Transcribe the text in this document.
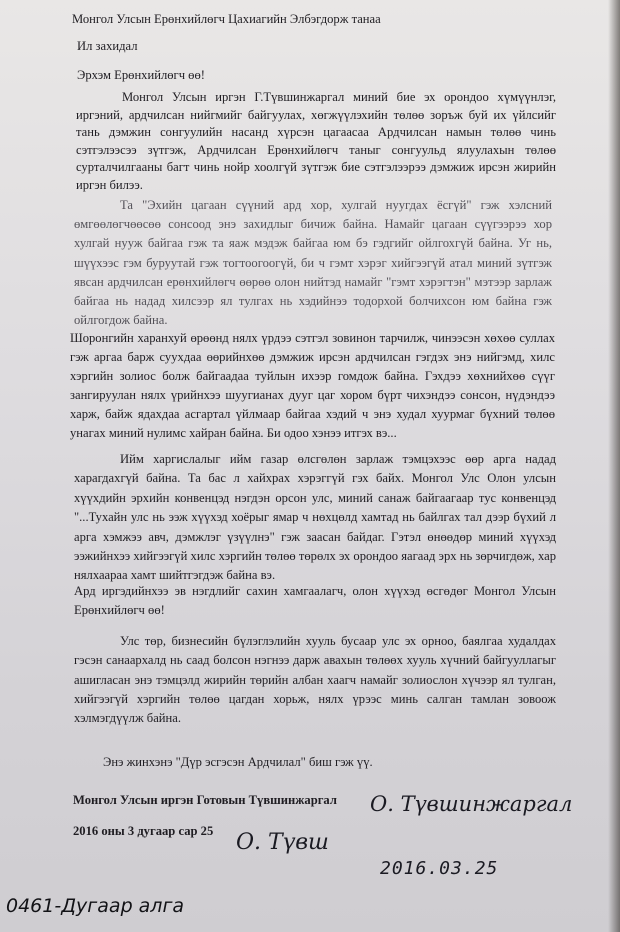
Монгол Улсын Ерөнхийлөгч Цахиагийн Элбэгдорж танаа

Ил захидал

Эрхэм Ерөнхийлөгч өө!

Монгол Улсын иргэн Г.Түвшинжаргал миний бие эх орондоо хүмүүнлэг, иргэний, ардчилсан нийгмийг байгуулах, хөгжүүлэхийн төлөө зоръж буй их үйлсийг тань дэмжин сонгуулийн насанд хүрсэн цагаасаа Ардчилсан намын төлөө чинь сэтгэлээсээ зүтгэж, Ардчилсан Ерөнхийлөгч таныг сонгуульд ялуулахын төлөө сурталчилгааны багт чинь нойр хоолгүй зүтгэж бие сэтгэлээрээ дэмжиж ирсэн жирийн иргэн билээ.

Та "Эхийн цагаан сүүний ард хор, хулгай нуугдах ёсгүй" гэж хэлсний өмгөөлөгчөөсөө сонсоод энэ захидлыг бичиж байна. Намайг цагаан сүүгээрээ хор хулгай нууж байгаа гэж та яаж мэдэж байгаа юм бэ гэдгийг ойлгохгүй байна. Уг нь, шүүхээс гэм буруутай гэж тогтоогоогүй, би ч гэмт хэрэг хийгээгүй атал миний зүтгэж явсан ардчилсан ерөнхийлөгч өөрөө олон нийтэд намайг "гэмт хэрэгтэн" мэтээр зарлаж байгаа нь надад хилсээр ял тулгах нь хэдийнээ тодорхой болчихсон юм байна гэж ойлгогдож байна.

Шоронгийн харанхуй өрөөнд нялх үрдээ сэтгэл зовинон тарчилж, чинээсэн хөхөө суллах гэж аргаа барж суухдаа өөрийнхөө дэмжиж ирсэн ардчилсан гэгдэх энэ нийгэмд, хилс хэргийн золиос болж байгаадаа туйлын ихээр гомдож байна. Гэхдээ хөхнийхөө сүүг зангируулан нялх үрийнхээ шуугианах дууг цаг хором бүрт чихэндээ сонсон, нүдэндээ харж, байж ядахдаа асгартал үйлмаар байгаа хэдий ч энэ худал хуурмаг бүхний төлөө унагах миний нулимс хайран байна. Би одоо хэнээ итгэх вэ...

Ийм харгислалыг ийм газар өлсгөлөн зарлаж тэмцэхээс өөр арга надад харагдахгүй байна. Та бас л хайхрах хэрэггүй гэх байх. Монгол Улс Олон улсын хүүхдийн эрхийн конвенцэд нэгдэн орсон улс, миний санаж байгаагаар тус конвенцэд "...Тухайн улс нь ээж хүүхэд хоёрыг ямар ч нөхцөлд хамтад нь байлгах тал дээр бүхий л арга хэмжээ авч, дэмжлэг үзүүлнэ" гэж заасан байдаг. Гэтэл өнөөдөр миний хүүхэд ээжийнхээ хийгээгүй хилс хэргийн төлөө төрөлх эх орондоо яагаад эрх нь зөрчигдөж, хар нялхаараа хамт шийтгэгдэж байна вэ.

Ард иргэдийнхээ эв нэгдлийг сахин хамгаалагч, олон хүүхэд өсгөдөг Монгол Улсын Ерөнхийлөгч өө!

Улс төр, бизнесийн бүлэглэлийн хууль бусаар улс эх орноо, баялгаа худалдах гэсэн санаархалд нь саад болсон нэгнээ дарж авахын төлөөх хууль хүчний байгууллагыг ашигласан энэ тэмцэлд жирийн төрийн албан хаагч намайг золиослон хүчээр ял тулган, хийгээгүй хэргийн төлөө цагдан хорьж, нялх үрээс минь салган тамлан зовоож хэлмэгдүүлж байна.

Энэ жинхэнэ "Дүр эсгэсэн Ардчилал" биш гэж үү.

Монгол Улсын иргэн Готовын Түвшинжаргал

2016 оны 3 дугаар сар 25 О. Түвш
О. Түвшинжаргал
2016.03.25
0461-Дугаар алга
